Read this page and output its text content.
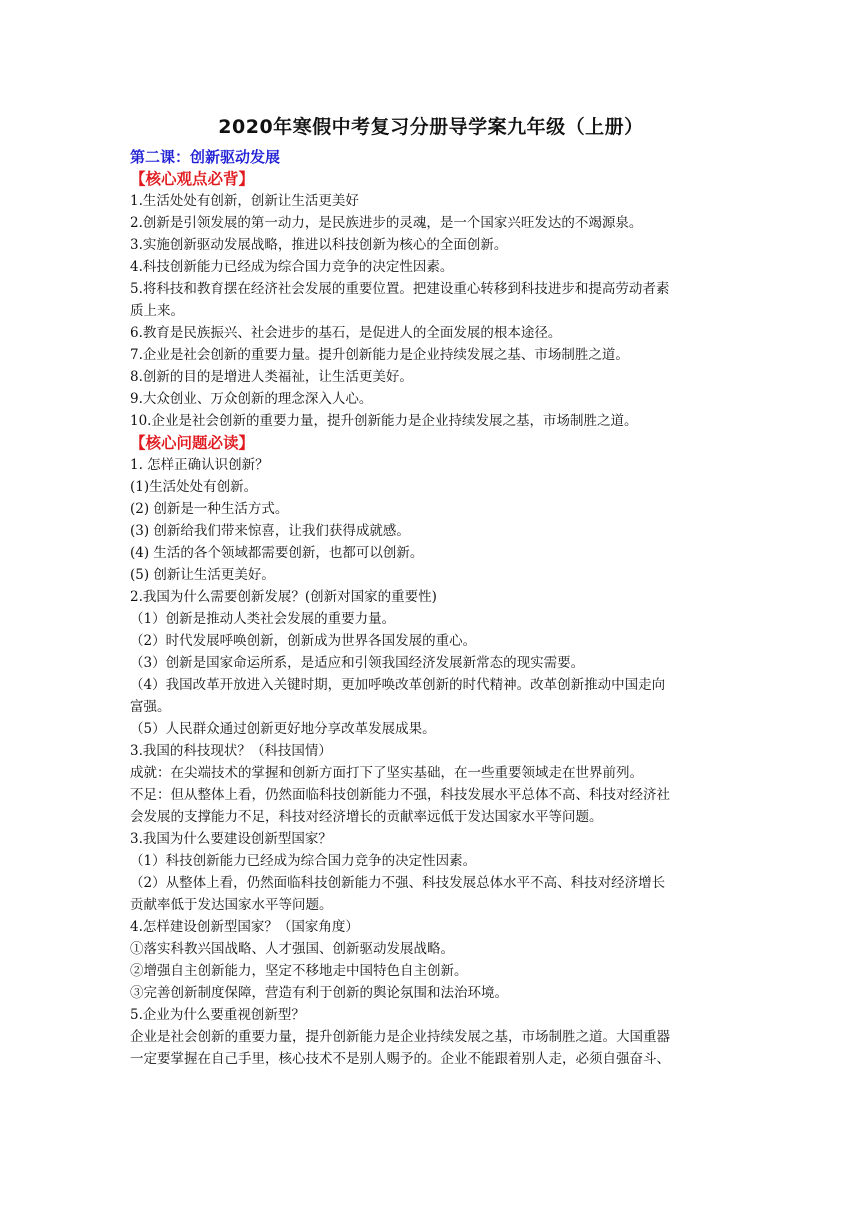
2020年寒假中考复习分册导学案九年级（上册）

第二课：创新驱动发展

【核心观点必背】

1.生活处处有创新，创新让生活更美好

2.创新是引领发展的第一动力，是民族进步的灵魂，是一个国家兴旺发达的不竭源泉。

3.实施创新驱动发展战略，推进以科技创新为核心的全面创新。

4.科技创新能力已经成为综合国力竞争的决定性因素。

5.将科技和教育摆在经济社会发展的重要位置。把建设重心转移到科技进步和提高劳动者素

质上来。

6.教育是民族振兴、社会进步的基石，是促进人的全面发展的根本途径。

7.企业是社会创新的重要力量。提升创新能力是企业持续发展之基、市场制胜之道。

8.创新的目的是增进人类福祉，让生活更美好。

9.大众创业、万众创新的理念深入人心。

10.企业是社会创新的重要力量，提升创新能力是企业持续发展之基，市场制胜之道。

【核心问题必读】

1. 怎样正确认识创新？

(1)生活处处有创新。

(2) 创新是一种生活方式。

(3) 创新给我们带来惊喜，让我们获得成就感。

(4) 生活的各个领域都需要创新，也都可以创新。

(5) 创新让生活更美好。

2.我国为什么需要创新发展？(创新对国家的重要性)

（1）创新是推动人类社会发展的重要力量。

（2）时代发展呼唤创新，创新成为世界各国发展的重心。

（3）创新是国家命运所系，是适应和引领我国经济发展新常态的现实需要。

（4）我国改革开放进入关键时期，更加呼唤改革创新的时代精神。改革创新推动中国走向

富强。

（5）人民群众通过创新更好地分享改革发展成果。

3.我国的科技现状？（科技国情）

成就：在尖端技术的掌握和创新方面打下了坚实基础，在一些重要领域走在世界前列。

不足：但从整体上看，仍然面临科技创新能力不强，科技发展水平总体不高、科技对经济社

会发展的支撑能力不足，科技对经济增长的贡献率远低于发达国家水平等问题。

3.我国为什么要建设创新型国家？

（1）科技创新能力已经成为综合国力竞争的决定性因素。

（2）从整体上看，仍然面临科技创新能力不强、科技发展总体水平不高、科技对经济增长

贡献率低于发达国家水平等问题。

4.怎样建设创新型国家？（国家角度）

①落实科教兴国战略、人才强国、创新驱动发展战略。

②增强自主创新能力，坚定不移地走中国特色自主创新。

③完善创新制度保障，营造有利于创新的舆论氛围和法治环境。

5.企业为什么要重视创新型？

企业是社会创新的重要力量，提升创新能力是企业持续发展之基，市场制胜之道。大国重器

一定要掌握在自己手里，核心技术不是别人赐予的。企业不能跟着别人走，必须自强奋斗、
